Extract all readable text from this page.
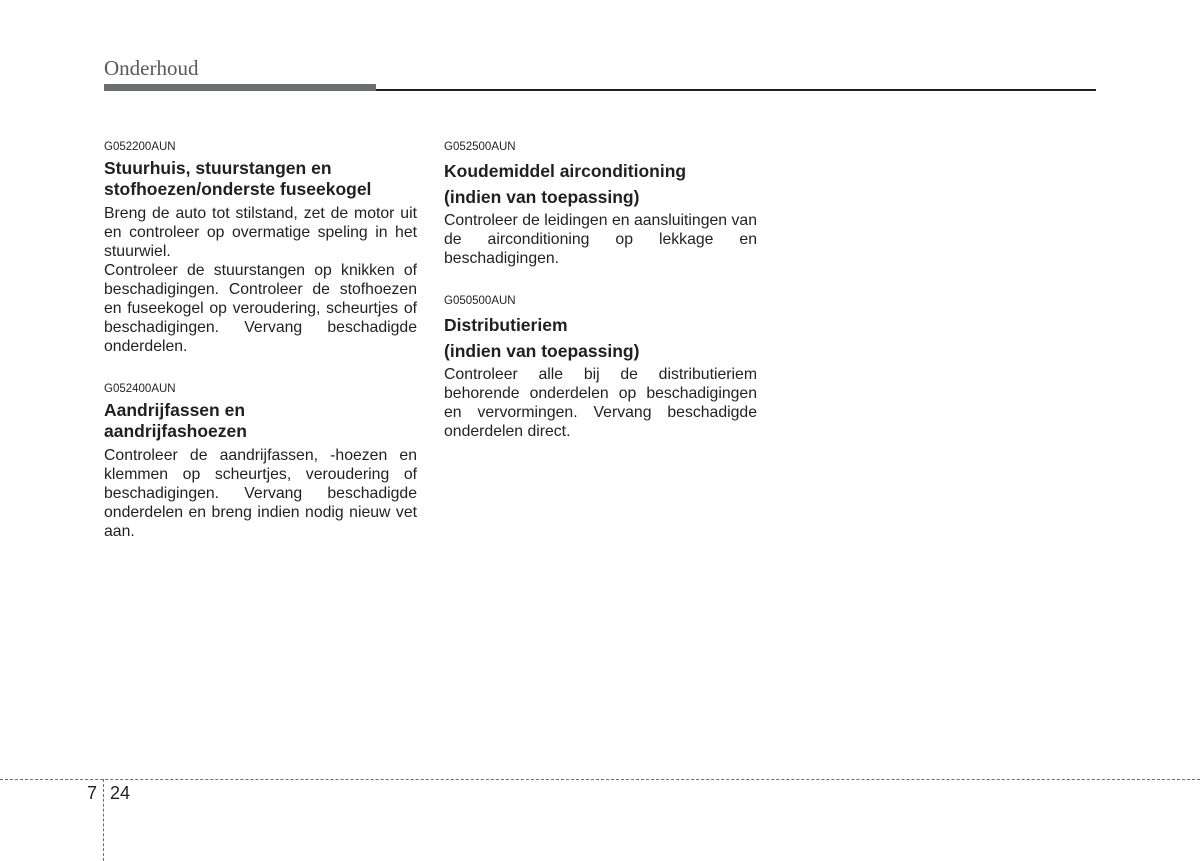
Onderhoud

G052200AUN

Stuurhuis, stuurstangen en
stofhoezen/onderste fuseekogel

Breng de auto tot stilstand, zet de motor uit en controleer op overmatige speling in het stuurwiel.

Controleer de stuurstangen op knikken of beschadigingen. Controleer de stofhoezen en fuseekogel op veroudering, scheurtjes of beschadigingen. Vervang beschadigde onderdelen.

G052400AUN

Aandrijfassen en
aandrijfashoezen

Controleer de aandrijfassen, -hoezen en klemmen op scheurtjes, veroudering of beschadigingen. Vervang beschadigde onderdelen en breng indien nodig nieuw vet aan.

G052500AUN

Koudemiddel airconditioning
(indien van toepassing)

Controleer de leidingen en aansluitingen van de airconditioning op lekkage en beschadigingen.

G050500AUN

Distributieriem
(indien van toepassing)

Controleer alle bij de distributieriem behorende onderdelen op beschadigingen en vervormingen. Vervang beschadigde onderdelen direct.

7 24
